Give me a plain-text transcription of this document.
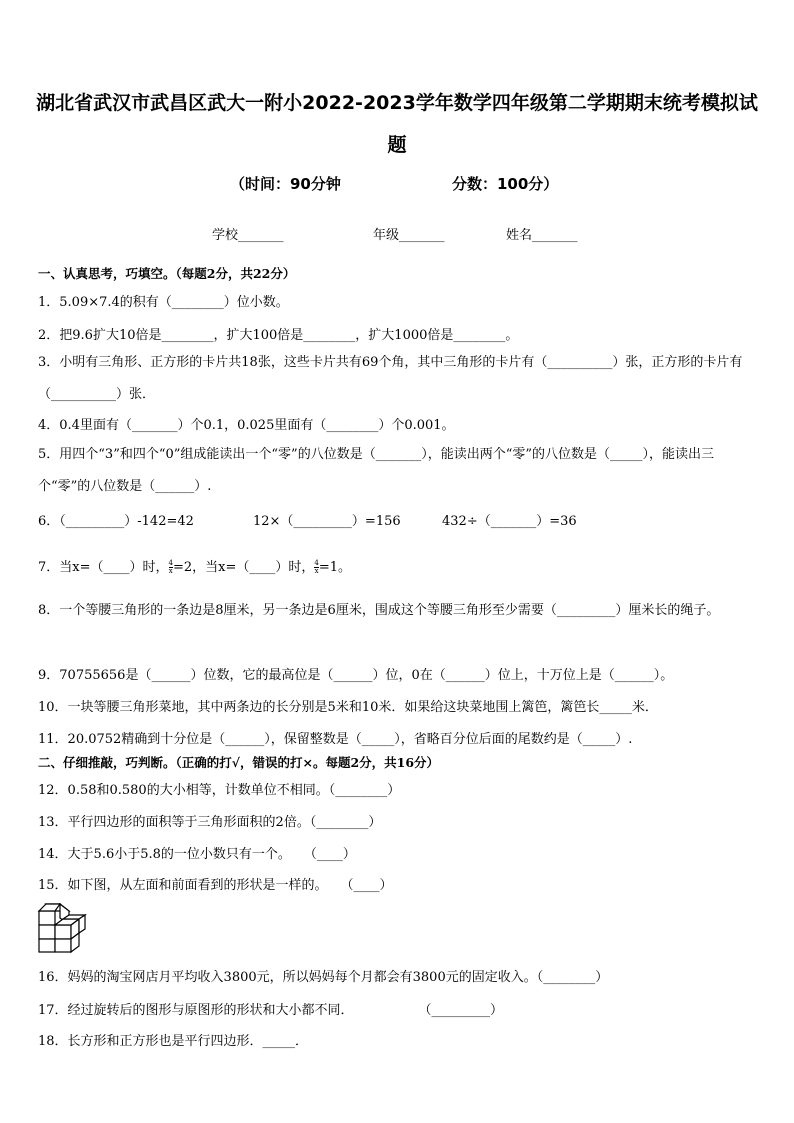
湖北省武汉市武昌区武大一附小2022-2023学年数学四年级第二学期期末统考模拟试
题
（时间：90分钟	分数：100分）
学校_______	年级_______	姓名_______
一、认真思考，巧填空。（每题2分，共22分）
1．5.09×7.4的积有（________）位小数。
2．把9.6扩大10倍是________，扩大100倍是________，扩大1000倍是________。
3．小明有三角形、正方形的卡片共18张，这些卡片共有69个角，其中三角形的卡片有（__________）张，正方形的卡片有（__________）张．
4．0.4里面有（_______）个0.1，0.025里面有（________）个0.001。
5．用四个“3”和四个“0”组成能读出一个“零”的八位数是（_______），能读出两个“零”的八位数是（_____），能读出三个“零”的八位数是（______）.
6．（_________）-142=42	12×（_________）=156	432÷（_______）=36
7．当x=（____）时， $\frac{4}{x} =2$，当x=（____）时， $\frac{4}{x} =1$。
8．一个等腰三角形的一条边是8厘米，另一条边是6厘米，围成这个等腰三角形至少需要（_________）厘米长的绳子。
9．70755656是（______）位数，它的最高位是（______）位，0在（______）位上，十万位上是（______）。
10．一块等腰三角形菜地，其中两条边的长分别是5米和10米．如果给这块菜地围上篱笆，篱笆长_____米．
11．20.0752精确到十分位是（______），保留整数是（_____），省略百分位后面的尾数约是（_____）.
二、仔细推敲，巧判断。（正确的打√，错误的打×。每题2分，共16分）
12．0.58和0.580的大小相等，计数单位不相同。（________）
13．平行四边形的面积等于三角形面积的2倍。（________）
14．大于5.6小于5.8的一位小数只有一个。　　（____）
15．如下图，从左面和前面看到的形状是一样的。　　（____）
16．妈妈的淘宝网店月平均收入3800元，所以妈妈每个月都会有3800元的固定收入。（________）
17．经过旋转后的图形与原图形的形状和大小都不同．　　　　　　（_________）
18．长方形和正方形也是平行四边形．_____．
